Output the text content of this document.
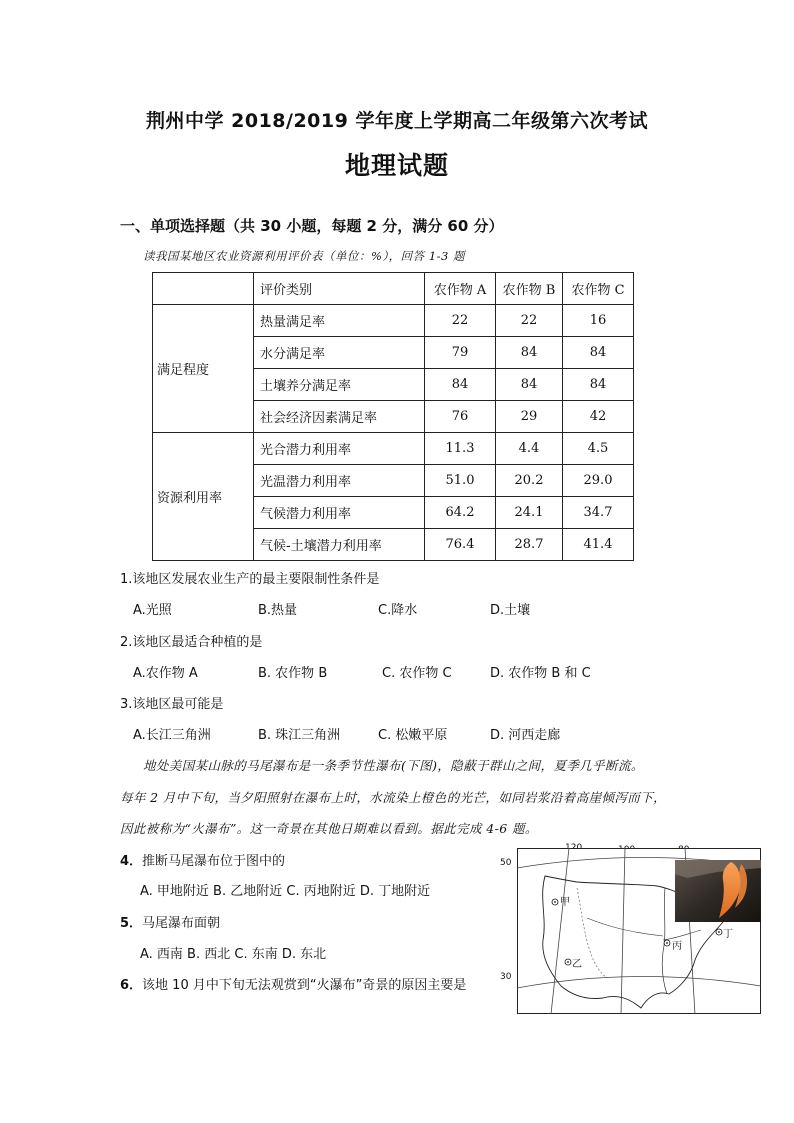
荆州中学 2018/2019 学年度上学期高二年级第六次考试
地理试题
一、单项选择题（共 30 小题，每题 2 分，满分 60 分）
读我国某地区农业资源利用评价表（单位：%），回答 1-3 题
	评价类别	农作物 A	农作物 B	农作物 C
满足程度	热量满足率	22	22	16
	水分满足率	79	84	84
	土壤养分满足率	84	84	84
	社会经济因素满足率	76	29	42
资源利用率	光合潜力利用率	11.3	4.4	4.5
	光温潜力利用率	51.0	20.2	29.0
	气候潜力利用率	64.2	24.1	34.7
	气候-土壤潜力利用率	76.4	28.7	41.4
1.该地区发展农业生产的最主要限制性条件是
A.光照	B.热量	C.降水	D.土壤
2.该地区最适合种植的是
A.农作物 A	B. 农作物 B	C. 农作物 C	D. 农作物 B 和 C
3.该地区最可能是
A.长江三角洲	B. 珠江三角洲	C. 松嫩平原	D. 河西走廊
地处美国某山脉的马尾瀑布是一条季节性瀑布(下图)，隐蔽于群山之间，夏季几乎断流。
每年 2 月中下旬，当夕阳照射在瀑布上时，水流染上橙色的光芒，如同岩浆沿着高崖倾泻而下，
因此被称为“火瀑布”。这一奇景在其他日期难以看到。据此完成 4-6 题。
4．推断马尾瀑布位于图中的
A. 甲地附近 B. 乙地附近 C. 丙地附近 D. 丁地附近
5．马尾瀑布面朝
A. 西南 B. 西北 C. 东南 D. 东北
6．该地 10 月中下旬无法观赏到“火瀑布”奇景的原因主要是
50
30
甲
乙
丙
丁
